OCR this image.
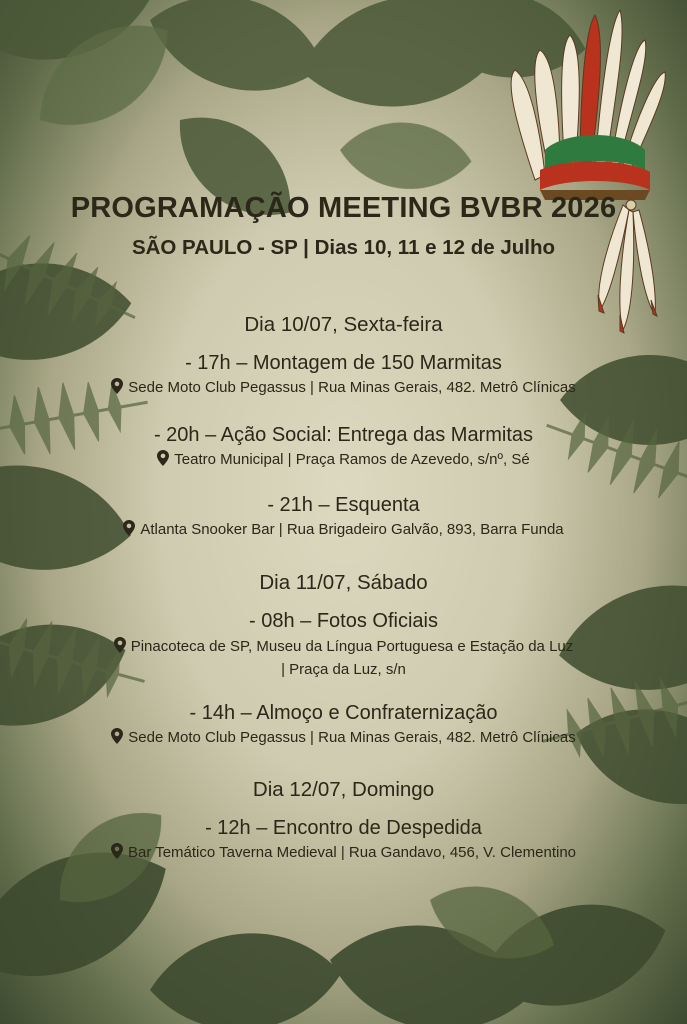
PROGRAMAÇÃO MEETING BVBR 2026
SÃO PAULO - SP | Dias 10, 11 e 12 de Julho
Dia 10/07, Sexta-feira
- 17h – Montagem de 150 Marmitas
Sede Moto Club Pegassus | Rua Minas Gerais, 482. Metrô Clínicas
- 20h – Ação Social: Entrega das Marmitas
Teatro Municipal | Praça Ramos de Azevedo, s/nº, Sé
- 21h – Esquenta
Atlanta Snooker Bar | Rua Brigadeiro Galvão, 893, Barra Funda
Dia 11/07, Sábado
- 08h – Fotos Oficiais
Pinacoteca de SP, Museu da Língua Portuguesa e Estação da Luz
| Praça da Luz, s/n
- 14h – Almoço e Confraternização
Sede Moto Club Pegassus | Rua Minas Gerais, 482. Metrô Clínicas
Dia 12/07, Domingo
- 12h – Encontro de Despedida
Bar Temático Taverna Medieval | Rua Gandavo, 456, V. Clementino
